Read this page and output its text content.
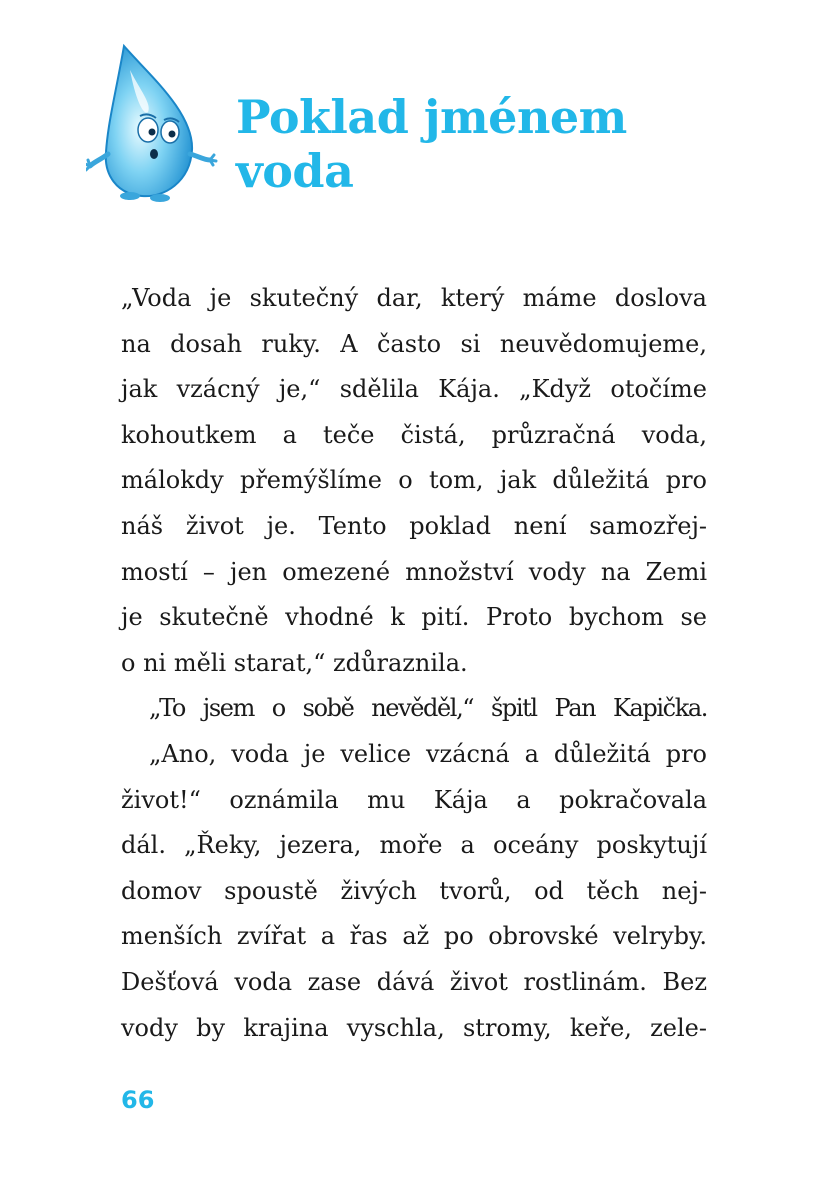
Poklad jménem
voda
„Voda je skutečný dar, který máme doslova
na dosah ruky. A často si neuvědomujeme,
jak vzácný je,“ sdělila Kája. „Když otočíme
kohoutkem a teče čistá, průzračná voda,
málokdy přemýšlíme o tom, jak důležitá pro
náš život je. Tento poklad není samozřej-
mostí – jen omezené množství vody na Zemi
je skutečně vhodné k pití. Proto bychom se
o ni měli starat,“ zdůraznila.
„To jsem o sobě nevěděl,“ špitl Pan Kapička.
„Ano, voda je velice vzácná a důležitá pro
život!“ oznámila mu Kája a pokračovala
dál. „Řeky, jezera, moře a oceány poskytují
domov spoustě živých tvorů, od těch nej-
menších zvířat a řas až po obrovské velryby.
Dešťová voda zase dává život rostlinám. Bez
vody by krajina vyschla, stromy, keře, zele-
66
